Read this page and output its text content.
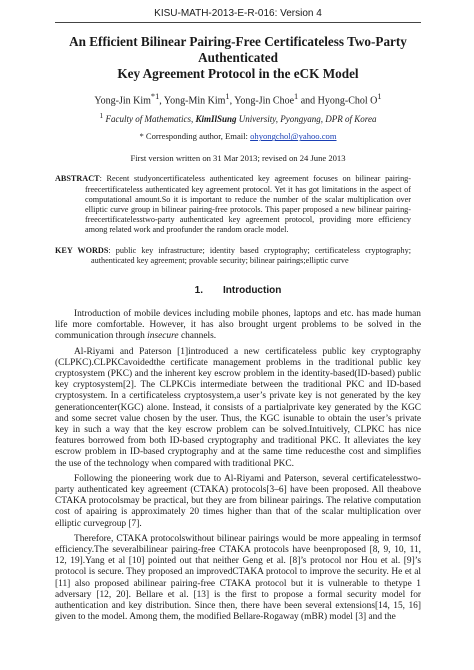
KISU-MATH-2013-E-R-016: Version 4
An Efficient Bilinear Pairing-Free Certificateless Two-Party Authenticated
Key Agreement Protocol in the eCK Model
Yong-Jin Kim$^{*1}$, Yong-Min Kim$^1$, Yong-Jin Choe$^1$ and Hyong-Chol $O^1$
$^1$ Faculty of Mathematics, KimIlSung University, Pyongyang, DPR of Korea
* Corresponding author, Email: ohyongchol@yahoo.com
First version written on 31 Mar 2013; revised on 24 June 2013
ABSTRACT: Recent studyoncertificateless authenticated key agreement focuses on bilinear pairing-freecertificateless authenticated key agreement protocol. Yet it has got limitations in the aspect of computational amount.So it is important to reduce the number of the scalar multiplication over elliptic curve group in bilinear pairing-free protocols. This paper proposed a new bilinear pairing-freecertificatelesstwo-party authenticated key agreement protocol, providing more efficiency among related work and proofunder the random oracle model.
KEY WORDS: public key infrastructure; identity based cryptography; certificateless cryptography; authenticated key agreement; provable security; bilinear pairings;elliptic curve
1. Introduction

Introduction of mobile devices including mobile phones, laptops and etc. has made human life more comfortable. However, it has also brought urgent problems to be solved in the communication through insecure channels.

Al-Riyami and Paterson [1]introduced a new certificateless public key cryptography (CLPKC).CLPKCavoidedthe certificate management problems in the traditional public key cryptosystem (PKC) and the inherent key escrow problem in the identity-based(ID-based) public key cryptosystem[2]. The CLPKCis intermediate between the traditional PKC and ID-based cryptosystem. In a certificateless cryptosystem,a user’s private key is not generated by the key generationcenter(KGC) alone. Instead, it consists of a partialprivate key generated by the KGC and some secret value chosen by the user. Thus, the KGC isunable to obtain the user’s private key in such a way that the key escrow problem can be solved.Intuitively, CLPKC has nice features borrowed from both ID-based cryptography and traditional PKC. It alleviates the key escrow problem in ID-based cryptography and at the same time reducesthe cost and simplifies the use of the technology when compared with traditional PKC.

Following the pioneering work due to Al-Riyami and Paterson, several certificatelesstwo-party authenticated key agreement (CTAKA) protocols[3–6] have been proposed. All theabove CTAKA protocolsmay be practical, but they are from bilinear pairings. The relative computation cost of apairing is approximately 20 times higher than that of the scalar multiplication over elliptic curvegroup [7].

Therefore, CTAKA protocolswithout bilinear pairings would be more appealing in termsof efficiency.The severalbilinear pairing-free CTAKA protocols have beenproposed [8, 9, 10, 11, 12, 19].Yang et al [10] pointed out that neither Geng et al. [8]’s protocol nor Hou et al. [9]’s protocol is secure. They proposed an improvedCTAKA protocol to improve the security. He et al [11] also proposed abilinear pairing-free CTAKA protocol but it is vulnerable to thetype 1 adversary [12, 20]. Bellare et al. [13] is the first to propose a formal security model for authentication and key distribution. Since then, there have been several extensions[14, 15, 16] given to the model. Among them, the modified Bellare-Rogaway (mBR) model [3] and the
